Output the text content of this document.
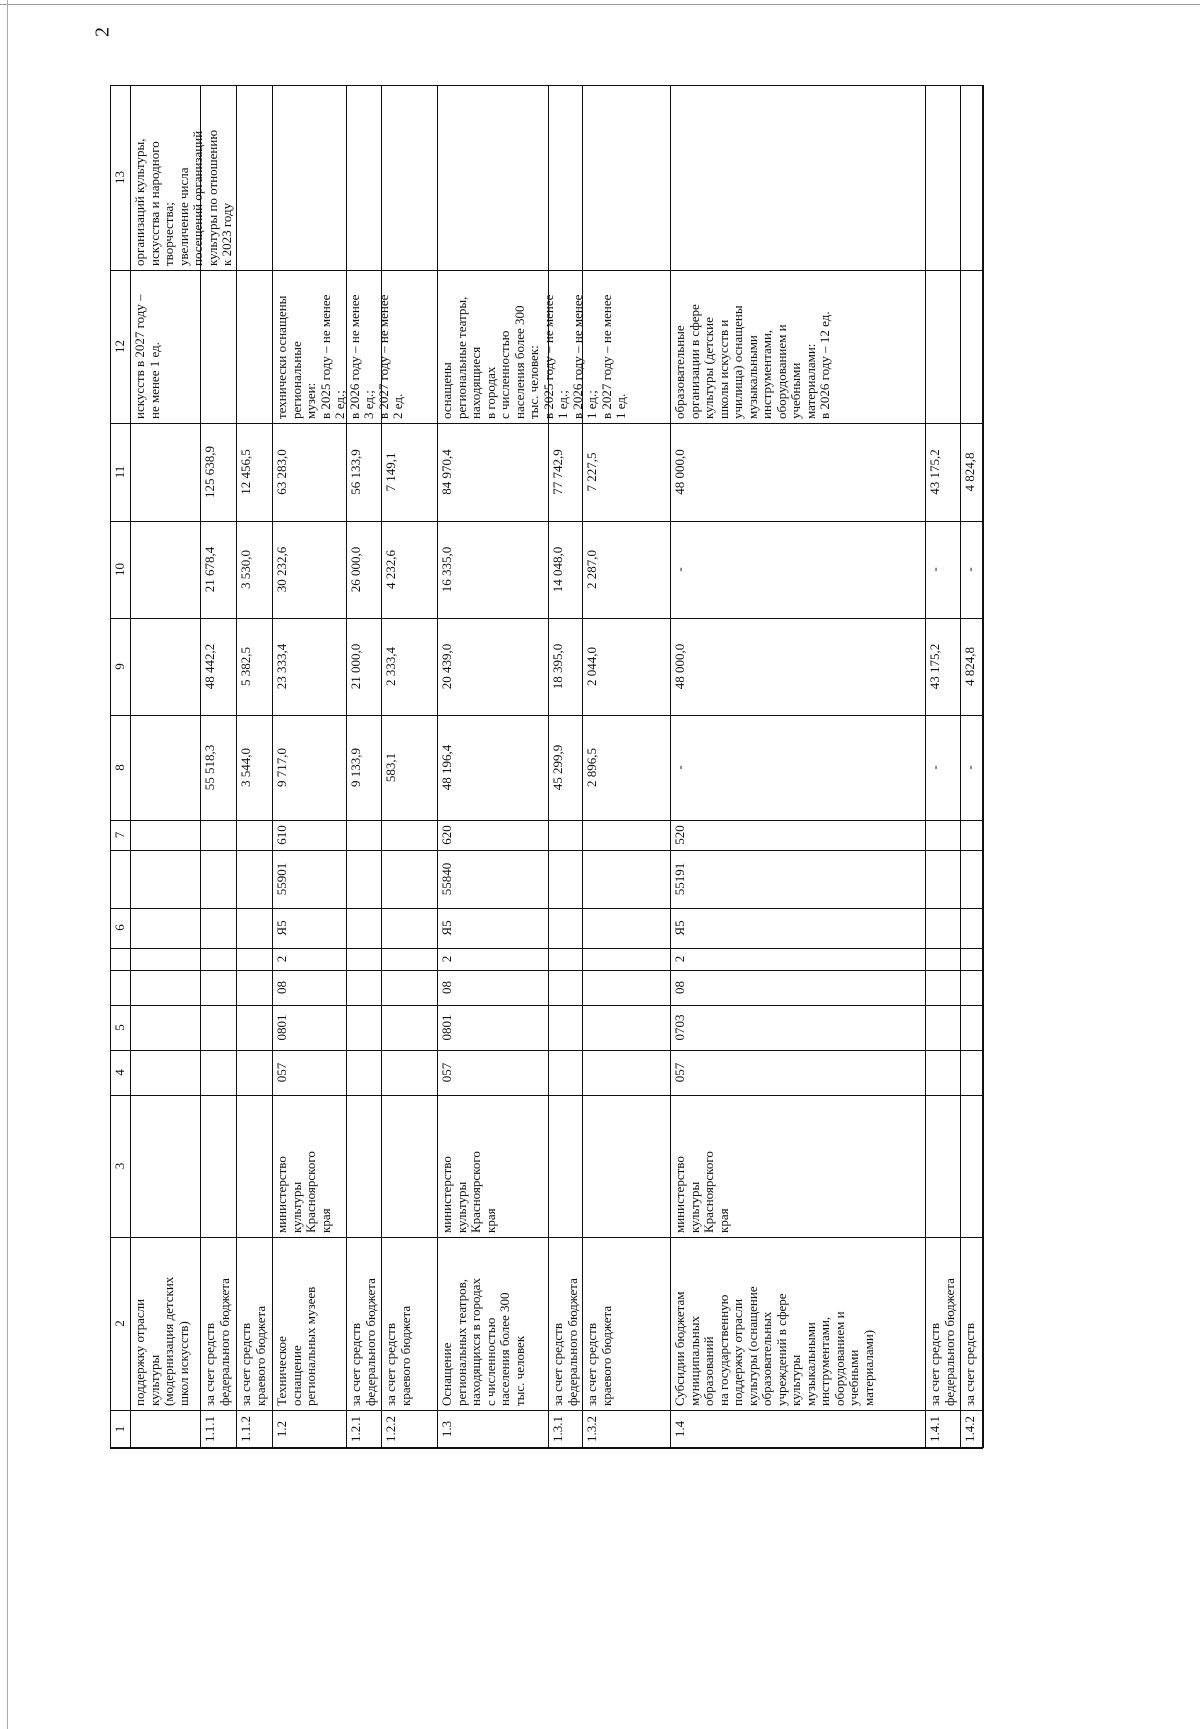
2
1
2
3
4
5
7
8
9
10
11
12
13
6
поддержку отрасли культуры (модернизация детских школ искусств)
искусств в 2027 году – не менее 1 ед.
организаций культуры, искусства и народного творчества; увеличение числа посещений организаций культуры по отношению к 2023 году
1.1.1
за счет средств федерального бюджета
55 518,3
48 442,2
21 678,4
125 638,9
1.1.2
за счет средств краевого бюджета
3 544,0
5 382,5
3 530,0
12 456,5
1.2
Техническое оснащение региональных музеев
министерство культуры Красноярского края
057
0801
08
2
Я5
55901
610
9 717,0
23 333,4
30 232,6
63 283,0
технически оснащены региональные музеи: в 2025 году – не менее 2 ед.; в 2026 году – не менее 3 ед.; в 2027 году – не менее 2 ед.
1.2.1
за счет средств федерального бюджета
9 133,9
21 000,0
26 000,0
56 133,9
1.2.2
за счет средств краевого бюджета
583,1
2 333,4
4 232,6
7 149,1
1.3
Оснащение региональных театров, находящихся в городах с численностью населения более 300 тыс. человек
министерство культуры Красноярского края
057
0801
08
2
Я5
55840
620
48 196,4
20 439,0
16 335,0
84 970,4
оснащены региональные театры, находящиеся в городах с численностью населения более 300 тыс. человек: в 2025 году – не менее 1 ед.; в 2026 году – не менее 1 ед.; в 2027 году – не менее 1 ед.
1.3.1
за счет средств федерального бюджета
45 299,9
18 395,0
14 048,0
77 742,9
1.3.2
за счет средств краевого бюджета
2 896,5
2 044,0
2 287,0
7 227,5
1.4
Субсидии бюджетам муниципальных образований на государственную поддержку отрасли культуры (оснащение образовательных учреждений в сфере культуры музыкальными инструментами, оборудованием и учебными материалами)
министерство культуры Красноярского края
057
0703
08
2
Я5
55191
520
-
48 000,0
-
48 000,0
образовательные организации в сфере культуры (детские школы искусств и училища) оснащены музыкальными инструментами, оборудованием и учебными материалами: в 2026 году – 12 ед.
1.4.1
за счет средств федерального бюджета
-
43 175,2
-
43 175,2
1.4.2
за счет средств
-
4 824,8
-
4 824,8
